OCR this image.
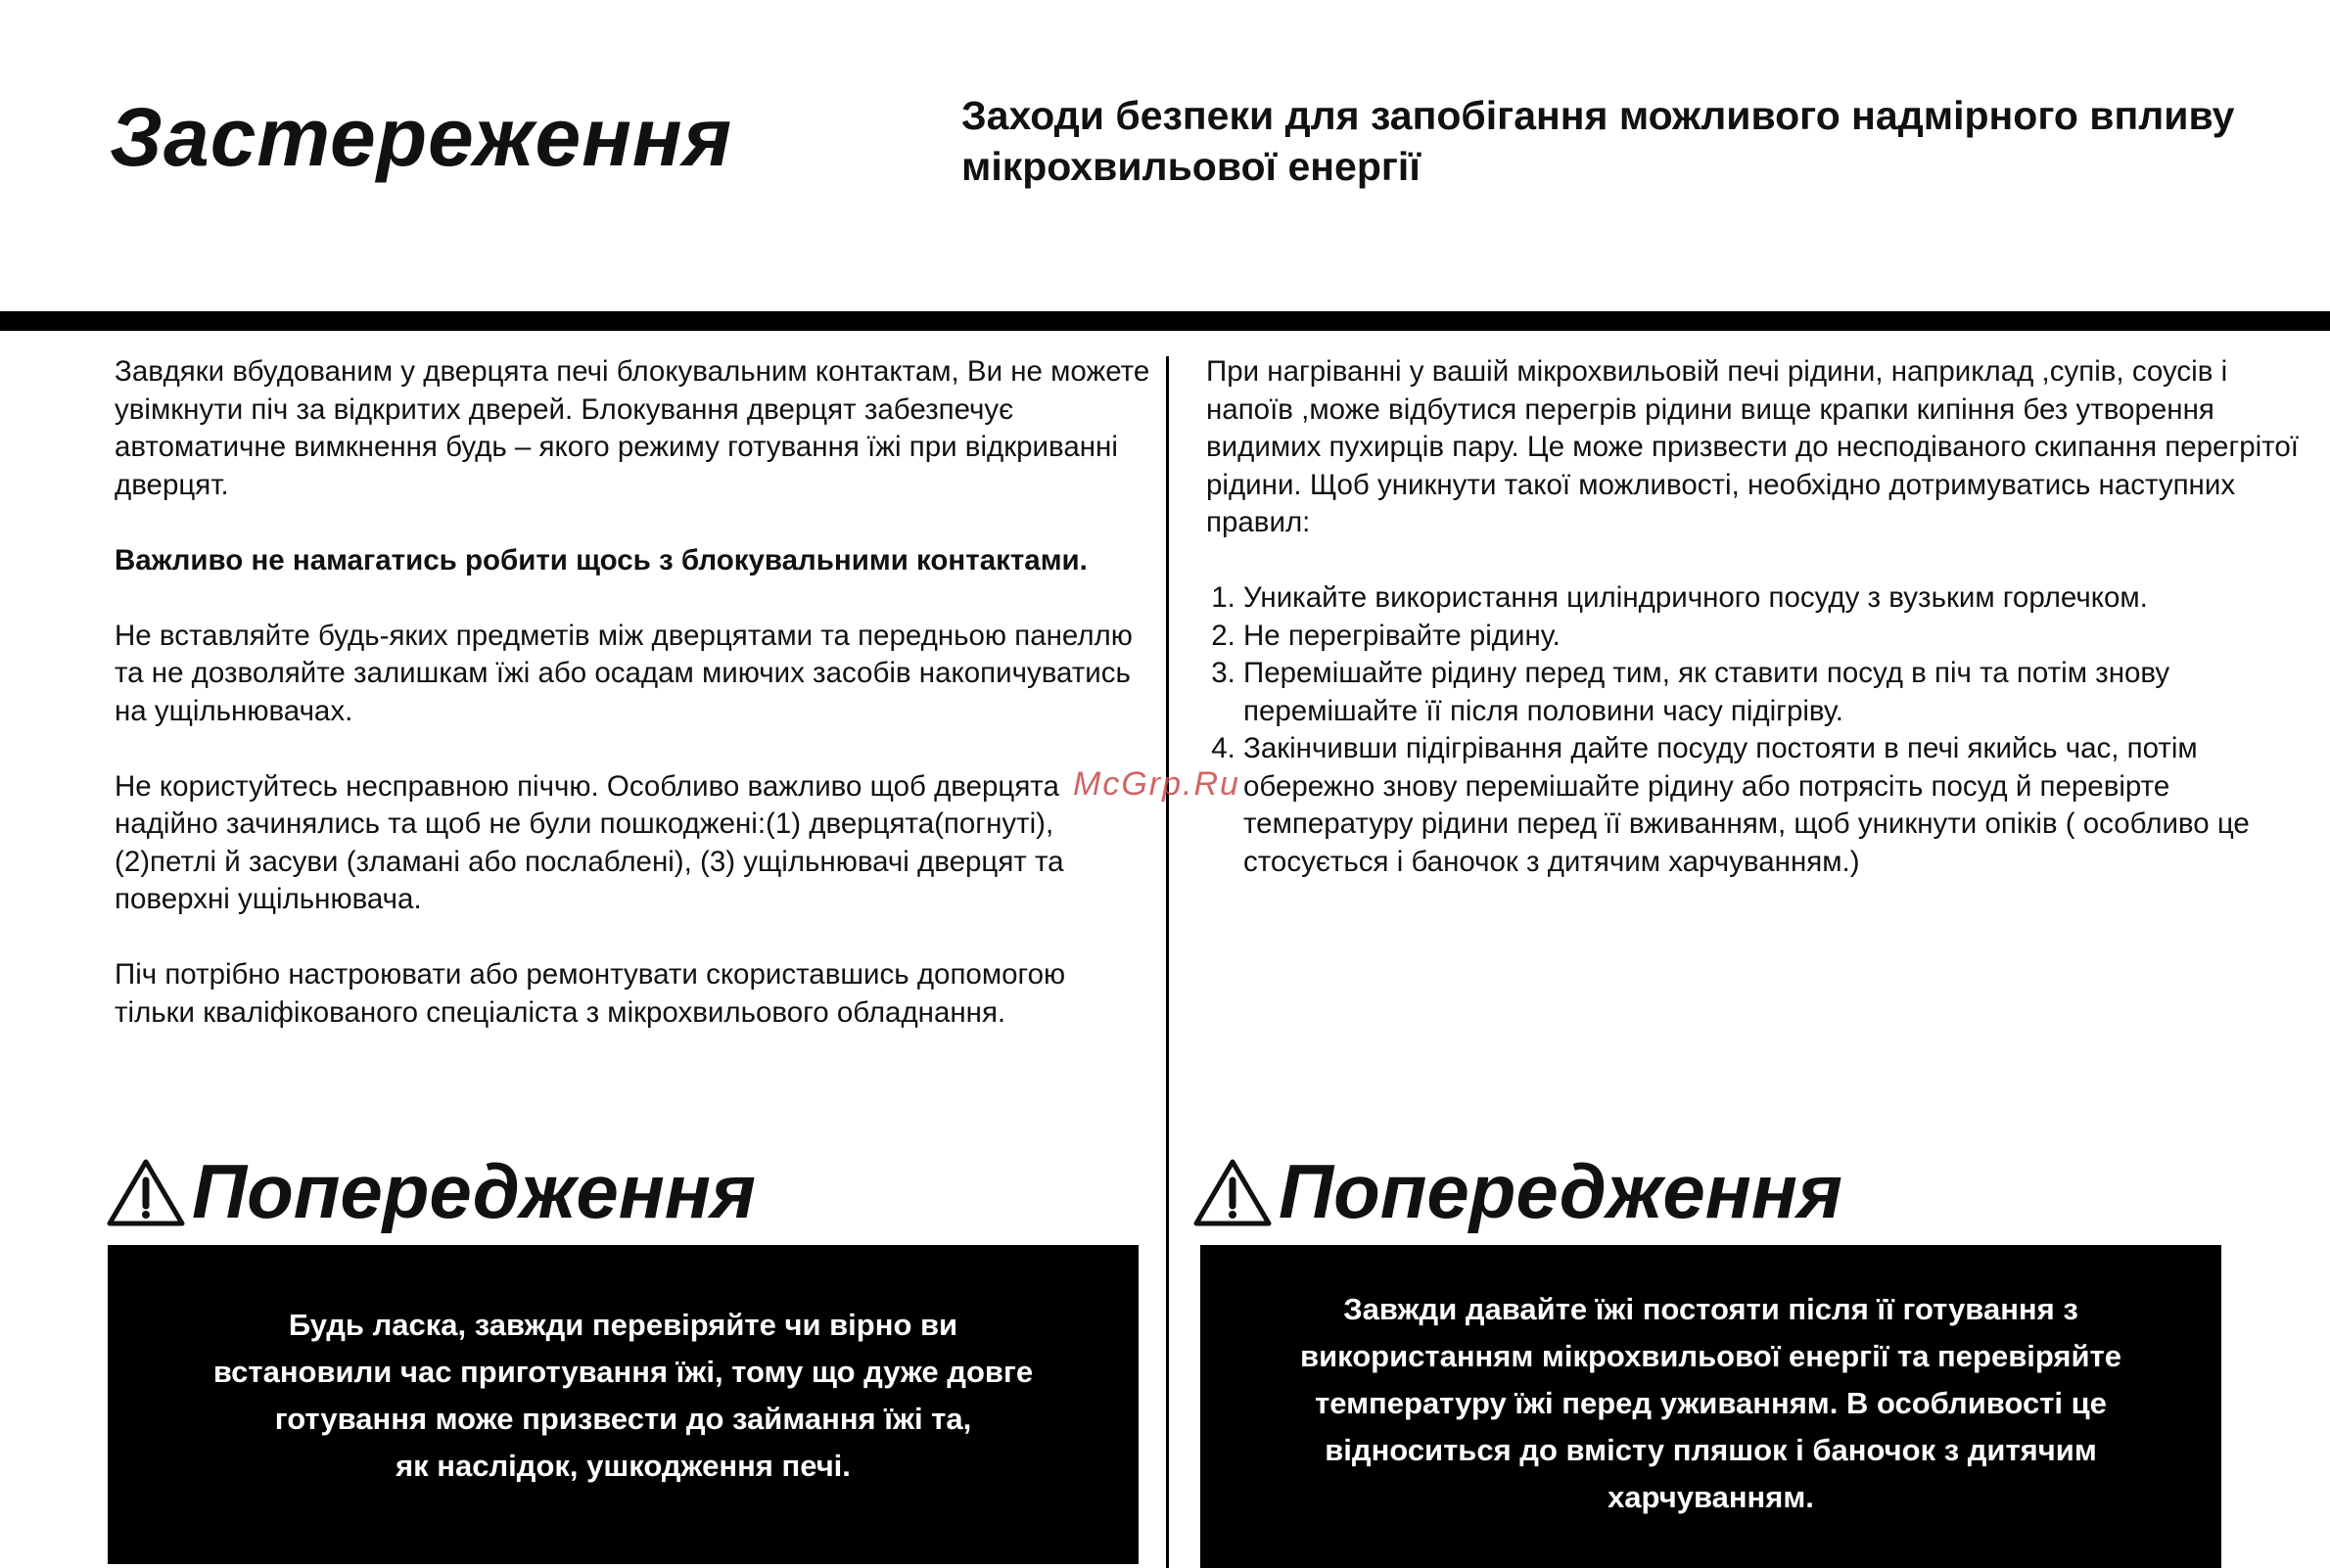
Застереження	Заходи безпеки для запобігання можливого надмірного впливу мікрохвильової енергії

Завдяки вбудованим у дверцята печі блокувальним контактам, Ви не можете увімкнути піч за відкритих дверей. Блокування дверцят забезпечує автоматичне вимкнення будь – якого режиму готування їжі при відкриванні дверцят.

Важливо не намагатись робити щось з блокувальними контактами.

Не вставляйте будь-яких предметів між дверцятами та передньою панеллю та не дозволяйте залишкам їжі або осадам миючих засобів накопичуватись на ущільнювачах.

Не користуйтесь несправною піччю. Особливо важливо щоб дверцята надійно зачинялись та щоб не були пошкоджені:(1) дверцята(погнуті), (2)петлі й засуви (зламані або послаблені), (3) ущільнювачі дверцят та поверхні ущільнювача.

Піч потрібно настроювати або ремонтувати скориставшись допомогою тільки кваліфікованого спеціаліста з мікрохвильового обладнання.

При нагріванні у вашій мікрохвильовій печі рідини, наприклад ,супів, соусів і напоїв ,може відбутися перегрів рідини вище крапки кипіння без утворення видимих пухирців пару. Це може призвести до несподіваного скипання перегрітої рідини. Щоб уникнути такої можливості, необхідно дотримуватись наступних правил:

1. Уникайте використання циліндричного посуду з вузьким горлечком.
2. Не перегрівайте рідину.
3. Перемішайте рідину перед тим, як ставити посуд в піч та потім знову перемішайте її після половини часу підігріву.
4. Закінчивши підігрівання дайте посуду постояти в печі якийсь час, потім обережно знову перемішайте рідину або потрясіть посуд й перевірте температуру рідини перед її вживанням, щоб уникнути опіків ( особливо це стосується і баночок з дитячим харчуванням.)
McGrp.Ru
Попередження	Попередження
Будь ласка, завжди перевіряйте чи вірно ви
встановили час приготування їжі, тому що дуже довге
готування може призвести до займання їжі та,
як наслідок, ушкодження печі.
Завжди давайте їжі постояти після її готування з
використанням мікрохвильової енергії та перевіряйте
температуру їжі перед уживанням. В особливості це
відноситься до вмісту пляшок і баночок з дитячим
харчуванням.
